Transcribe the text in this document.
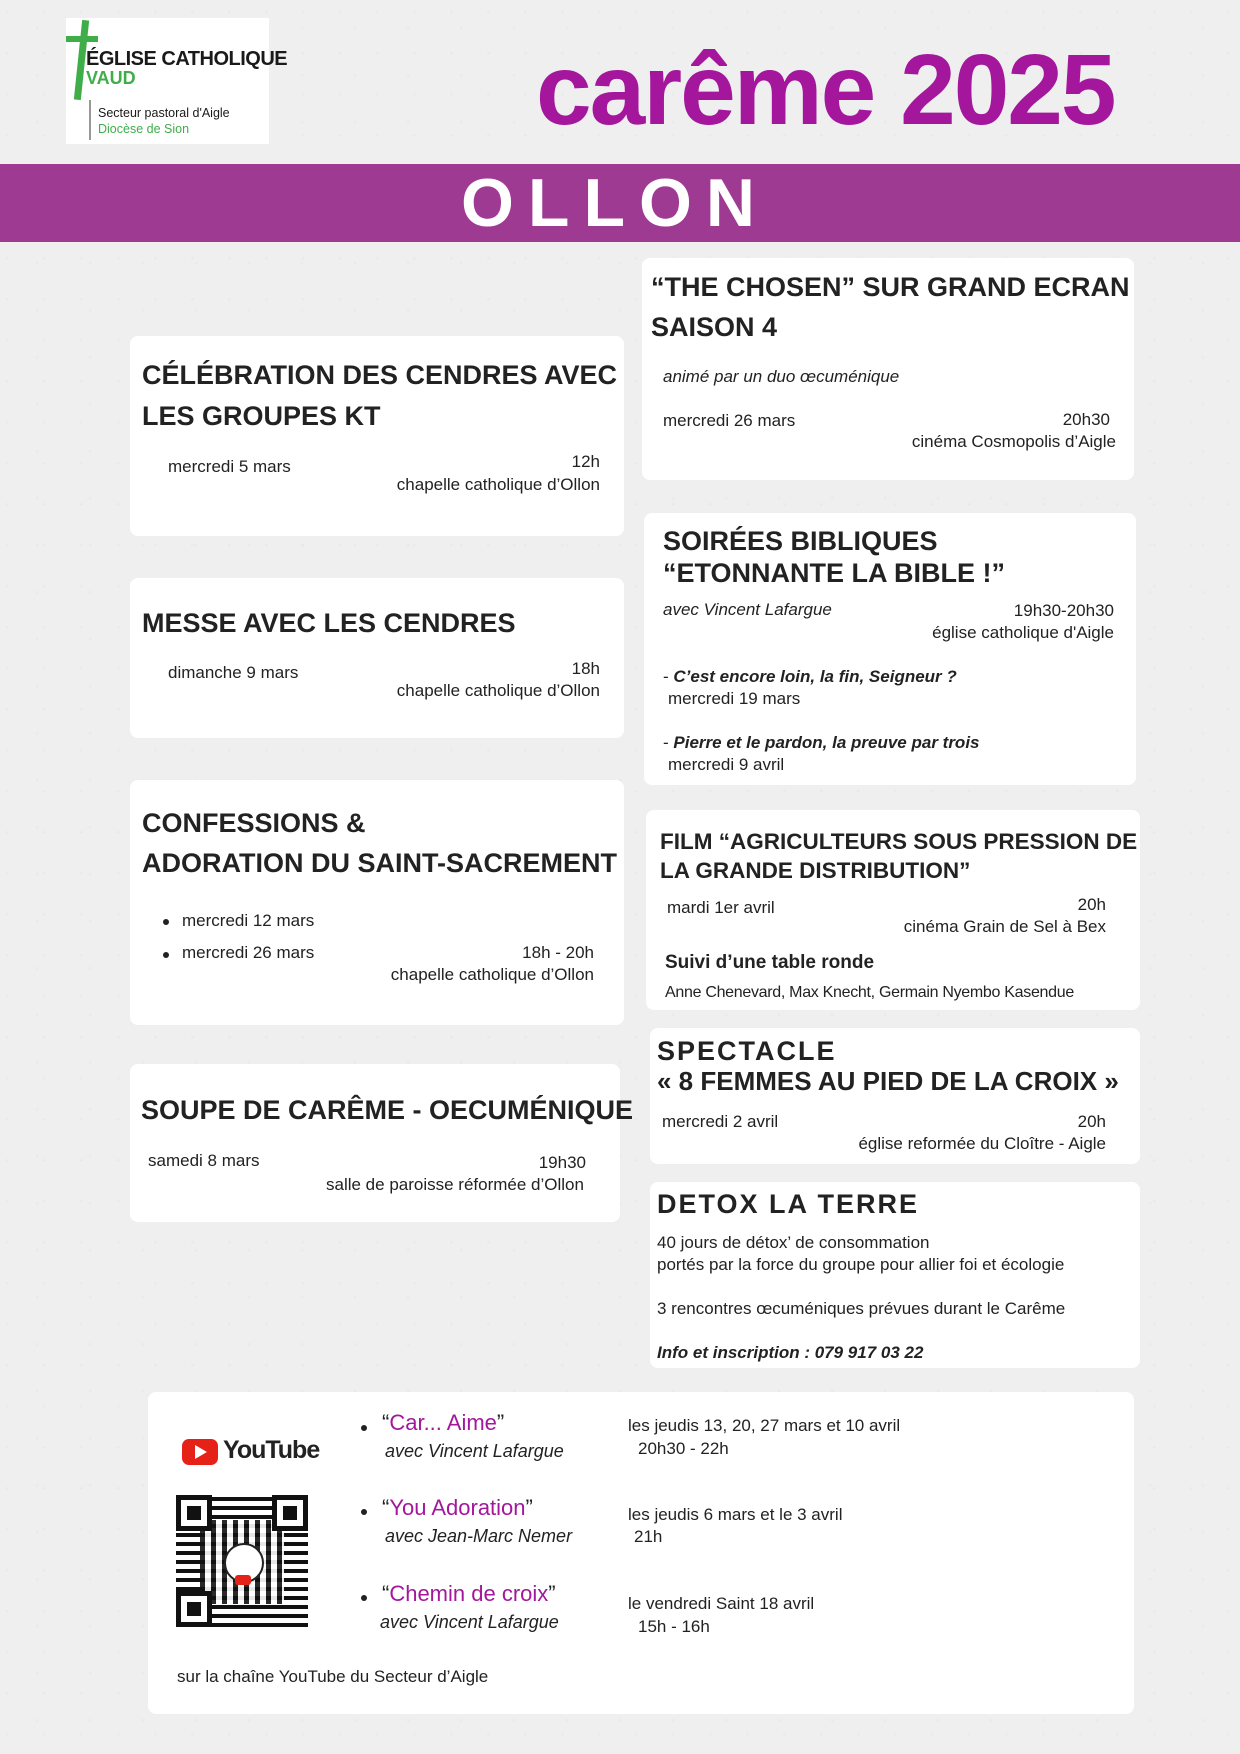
ÉGLISE CATHOLIQUE
VAUD
Secteur pastoral d'Aigle
Diocèse de Sion	carême 2025
OLLON
CÉLÉBRATION DES CENDRES AVEC
LES GROUPES KT
mercredi 5 mars	12h
chapelle catholique d’Ollon
MESSE AVEC LES CENDRES
dimanche 9 mars	18h
chapelle catholique d’Ollon
CONFESSIONS &
ADORATION DU SAINT-SACREMENT
mercredi 12 mars
mercredi 26 mars	18h - 20h
chapelle catholique d’Ollon
SOUPE DE CARÊME - OECUMÉNIQUE
samedi 8 mars	19h30
salle de paroisse réformée d’Ollon
“THE CHOSEN” SUR GRAND ECRAN
SAISON 4
animé par un duo œcuménique
mercredi 26 mars	20h30
cinéma Cosmopolis d’Aigle
SOIRÉES BIBLIQUES
“ETONNANTE LA BIBLE !”
avec Vincent Lafargue	19h30-20h30
église catholique d'Aigle
- C’est encore loin, la fin, Seigneur ?
mercredi 19 mars
- Pierre et le pardon, la preuve par trois
mercredi 9 avril
FILM “AGRICULTEURS SOUS PRESSION DE
LA GRANDE DISTRIBUTION”
mardi 1er avril	20h
cinéma Grain de Sel à Bex
Suivi d’une table ronde
Anne Chenevard, Max Knecht, Germain Nyembo Kasendue
SPECTACLE
« 8 FEMMES AU PIED DE LA CROIX »
mercredi 2 avril	20h
église reformée du Cloître - Aigle
DETOX LA TERRE
40 jours de détox’ de consommation
portés par la force du groupe pour allier foi et écologie
3 rencontres œcuméniques prévues durant le Carême
Info et inscription : 079 917 03 22
YouTube
“Car... Aime”
avec Vincent Lafargue
les jeudis 13, 20, 27 mars et 10 avril
20h30 - 22h
“You Adoration”
avec Jean-Marc Nemer
les jeudis 6 mars et le 3 avril
21h
“Chemin de croix”
avec Vincent Lafargue
le vendredi Saint 18 avril
15h - 16h
sur la chaîne YouTube du Secteur d’Aigle
